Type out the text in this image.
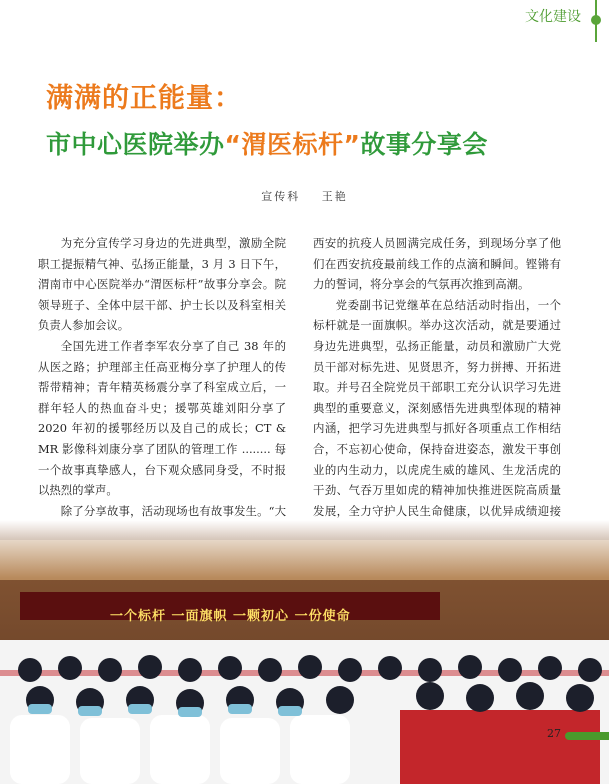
文化建设
满满的正能量：
市中心医院举办“渭医标杆”故事分享会
宣传科 王艳

为充分宣传学习身边的先进典型，激励全院职工提振精气神、弘扬正能量，3 月 3 日下午，渭南市中心医院举办“渭医标杆”故事分享会。院领导班子、全体中层干部、护士长以及科室相关负责人参加会议。

全国先进工作者李军农分享了自己 38 年的从医之路；护理部主任高亚梅分享了护理人的传帮带精神；青年精英杨震分享了科室成立后，一群年轻人的热血奋斗史；援鄂英雄刘阳分享了 2020 年初的援鄂经历以及自己的成长；CT & MR 影像科刘康分享了团队的管理工作 ........ 每一个故事真挚感人，台下观众感同身受，不时报以热烈的掌声。

除了分享故事，活动现场也有故事发生。“大

西安的抗疫人员圆满完成任务，到现场分享了他们在西安抗疫最前线工作的点滴和瞬间。铿锵有力的誓词，将分享会的气氛再次推到高潮。

党委副书记党继革在总结活动时指出，一个标杆就是一面旗帜。举办这次活动，就是要通过身边先进典型，弘扬正能量，动员和激励广大党员干部对标先进、见贤思齐，努力拼搏、开拓进取。并号召全院党员干部职工充分认识学习先进典型的重要意义，深刻感悟先进典型体现的精神内涵，把学习先进典型与抓好各项重点工作相结合，不忘初心使命，保持奋进姿态，激发干事创业的内生动力，以虎虎生威的雄风、生龙活虎的干劲、气吞万里如虎的精神加快推进医院高质量发展，全力守护人民生命健康，以优异成绩迎接

一个标杆 一面旗帜 一颗初心 一份使命
27
